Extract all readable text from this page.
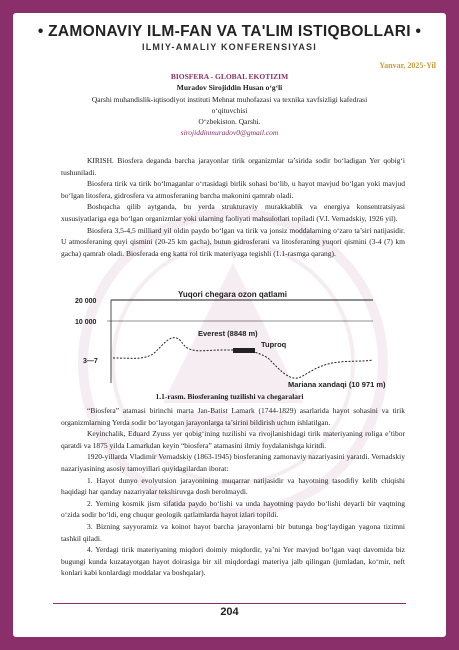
• ZAMONAVIY ILM-FAN VA TA'LIM ISTIQBOLLARI •
ILMIY-AMALIY KONFERENSIYASI
Yanvar, 2025-Yil
BIOSFERA - GLOBAL EKOTIZIM
Muradov Sirojiddin Husan o‘g‘li
Qarshi muhandislik-iqtisodiyot instituti Mehnat muhofazasi va texnika xavfsizligi kafedrasi
o‘qituvchisi
O‘zbekiston. Qarshi.
sirojiddinmuradov0@gmail.com

KIRISH. Biosfera deganda barcha jarayonlar tirik organizmlar ta’sirida sodir bo‘ladigan Yer qobig‘i tushuniladi.

Biosfera tirik va tirik bo‘lmaganlar o‘rtasidagi birlik sohasi bo‘lib, u hayot mavjud bo‘lgan yoki mavjud bo‘lgan litosfera, gidrosfera va atmosferaning barcha makonini qamrab oladi.

Boshqacha qilib aytganda, bu yerda strukturaviy murakkablik va energiya konsentratsiyasi xususiyatlariga ega bo‘lgan organizmlar yoki ularning faoliyati mahsulotlari topiladi (V.I. Vernadskiy, 1926 yil).

Biosfera 3,5-4,5 milliard yil oldin paydo bo‘lgan va tirik va jonsiz moddalarning o‘zaro ta’siri natijasidir. U atmosferaning quyi qismini (20-25 km gacha), butun gidrosferani va litosferaning yuqori qismini (3-4 (7) km gacha) qamrab oladi. Biosferada eng katta rol tirik materiyaga tegishli (1.1-rasmga qarang).

Yuqori chegara ozon qatlami
20 000
10 000
3—7
Everest (8848 m)
Tuproq
Mariana xandaqi (10 971 m)
1.1-rasm. Biosferaning tuzilishi va chegaralari

“Biosfera” atamasi birinchi marta Jan-Batist Lamark (1744-1829) asarlarida hayot sohasini va tirik organizmlarning Yerda sodir bo‘layotgan jarayonlarga ta’sirini bildirish uchun ishlatilgan.

Keyinchalik, Eduard Zyuss yer qobig‘ining tuzilishi va rivojlanishidagi tirik materiyaning roliga e’tibor qaratdi va 1875 yilda Lamarkdan keyin “biosfera” atamasini ilmiy foydalanishga kiritdi.

1920-yillarda Vladimir Vernadskiy (1863-1945) biosferaning zamonaviy nazariyasini yaratdi. Vernadskiy nazariyasining asosiy tamoyillari quyidagilardan iborat:

1. Hayot dunyo evolyutsion jarayonining muqarrar natijasidir va hayotning tasodifiy kelib chiqishi haqidagi har qanday nazariyalar tekshiruvga dosh berolmaydi.

2. Yerning kosmik jism sifatida paydo bo‘lishi va unda hayotning paydo bo‘lishi deyarli bir vaqtning o‘zida sodir bo‘ldi, eng chuqur geologik qatlamlarda hayot izlari topildi.

3. Bizning sayyoramiz va koinot hayot barcha jarayonlarni bir butunga bog‘laydigan yagona tizimni tashkil qiladi.

4. Yerdagi tirik materiyaning miqdori doimiy miqdordir, ya’ni Yer mavjud bo‘lgan vaqt davomida biz bugungi kunda kuzatayotgan hayot doirasiga bir xil miqdordagi materiya jalb qilingan (jumladan, ko‘mir, neft konlari kabi konlardagi moddalar va boshqalar).

204
